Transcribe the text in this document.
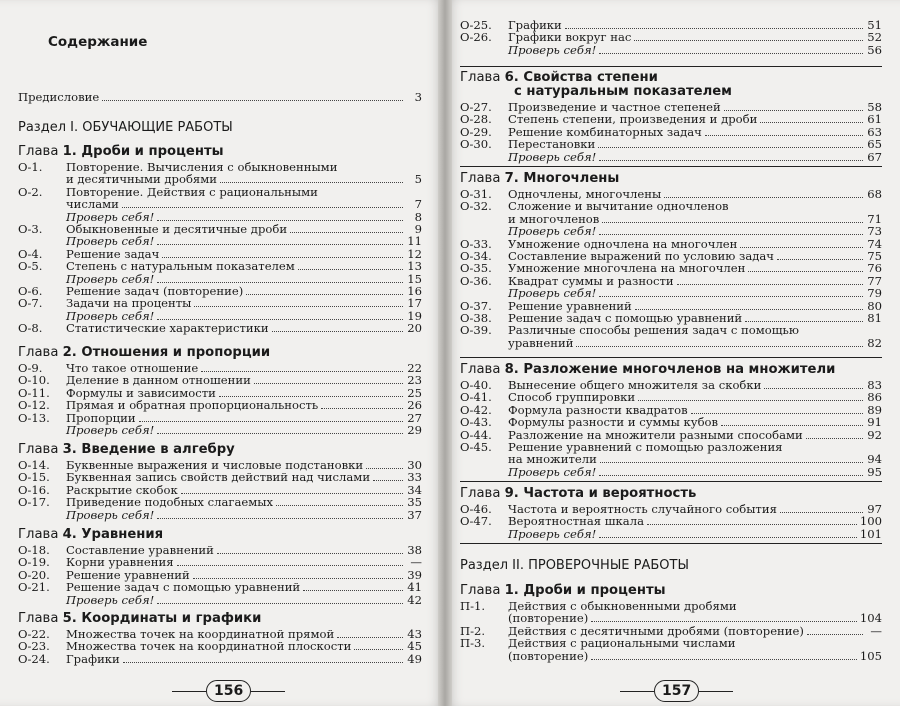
Содержание
Предисловие	3
Раздел I. ОБУЧАЮЩИЕ РАБОТЫ
Глава 1. Дроби и проценты
О-1.	Повторение. Вычисления с обыкновенными
и десятичными дробями	5
О-2.	Повторение. Действия с рациональными
числами	7
Проверь себя!	8
О-3.	Обыкновенные и десятичные дроби	9
Проверь себя!	11
О-4.	Решение задач	12
О-5.	Степень с натуральным показателем	13
Проверь себя!	15
О-6.	Решение задач (повторение)	16
О-7.	Задачи на проценты	17
Проверь себя!	19
О-8.	Статистические характеристики	20
Глава 2. Отношения и пропорции
О-9.	Что такое отношение	22
О-10.	Деление в данном отношении	23
О-11.	Формулы и зависимости	25
О-12.	Прямая и обратная пропорциональность	26
О-13.	Пропорции	27
Проверь себя!	29
Глава 3. Введение в алгебру
О-14.	Буквенные выражения и числовые подстановки	30
О-15.	Буквенная запись свойств действий над числами	33
О-16.	Раскрытие скобок	34
О-17.	Приведение подобных слагаемых	35
Проверь себя!	37
Глава 4. Уравнения
О-18.	Составление уравнений	38
О-19.	Корни уравнения	—
О-20.	Решение уравнений	39
О-21.	Решение задач с помощью уравнений	41
Проверь себя!	42
Глава 5. Координаты и графики
О-22.	Множества точек на координатной прямой	43
О-23.	Множества точек на координатной плоскости	45
О-24.	Графики	49
156
О-25.	Графики	51
О-26.	Графики вокруг нас	52
Проверь себя!	56
Глава 6. Свойства степени
с натуральным показателем
О-27.	Произведение и частное степеней	58
О-28.	Степень степени, произведения и дроби	61
О-29.	Решение комбинаторных задач	63
О-30.	Перестановки	65
Проверь себя!	67
Глава 7. Многочлены
О-31.	Одночлены, многочлены	68
О-32.	Сложение и вычитание одночленов
и многочленов	71
Проверь себя!	73
О-33.	Умножение одночлена на многочлен	74
О-34.	Составление выражений по условию задач	75
О-35.	Умножение многочлена на многочлен	76
О-36.	Квадрат суммы и разности	77
Проверь себя!	79
О-37.	Решение уравнений	80
О-38.	Решение задач с помощью уравнений	81
О-39.	Различные способы решения задач с помощью
уравнений	82
Глава 8. Разложение многочленов на множители
О-40.	Вынесение общего множителя за скобки	83
О-41.	Способ группировки	86
О-42.	Формула разности квадратов	89
О-43.	Формулы разности и суммы кубов	91
О-44.	Разложение на множители разными способами	92
О-45.	Решение уравнений с помощью разложения
на множители	94
Проверь себя!	95
Глава 9. Частота и вероятность
О-46.	Частота и вероятность случайного события	97
О-47.	Вероятностная шкала	100
Проверь себя!	101
Раздел II. ПРОВЕРОЧНЫЕ РАБОТЫ
Глава 1. Дроби и проценты
П-1.	Действия с обыкновенными дробями
(повторение)	104
П-2.	Действия с десятичными дробями (повторение)	—
П-3.	Действия с рациональными числами
(повторение)	105
157
